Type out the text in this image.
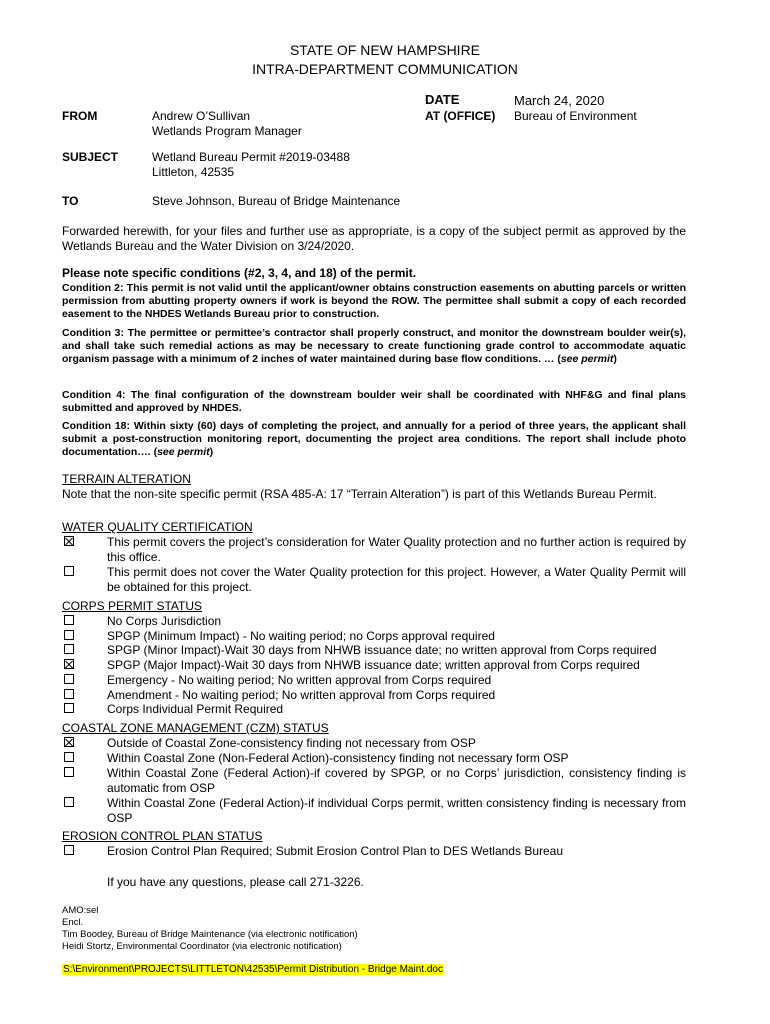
STATE OF NEW HAMPSHIRE
INTRA-DEPARTMENT COMMUNICATION
DATE	March 24, 2020
AT (OFFICE) Bureau of Environment
FROM	Andrew O’Sullivan
Wetlands Program Manager
SUBJECT	Wetland Bureau Permit #2019-03488
Littleton, 42535
TO	Steve Johnson, Bureau of Bridge Maintenance
Forwarded herewith, for your files and further use as appropriate, is a copy of the subject permit as approved by the Wetlands Bureau and the Water Division on 3/24/2020.
Please note specific conditions (#2, 3, 4, and 18) of the permit.
Condition 2: This permit is not valid until the applicant/owner obtains construction easements on abutting parcels or written permission from abutting property owners if work is beyond the ROW. The permittee shall submit a copy of each recorded easement to the NHDES Wetlands Bureau prior to construction.
Condition 3: The permittee or permittee’s contractor shall properly construct, and monitor the downstream boulder weir(s), and shall take such remedial actions as may be necessary to create functioning grade control to accommodate aquatic organism passage with a minimum of 2 inches of water maintained during base flow conditions. … (see permit)
Condition 4: The final configuration of the downstream boulder weir shall be coordinated with NHF&G and final plans submitted and approved by NHDES.
Condition 18: Within sixty (60) days of completing the project, and annually for a period of three years, the applicant shall submit a post-construction monitoring report, documenting the project area conditions. The report shall include photo documentation…. (see permit)
TERRAIN ALTERATION
Note that the non-site specific permit (RSA 485-A: 17 “Terrain Alteration”) is part of this Wetlands Bureau Permit.
WATER QUALITY CERTIFICATION
This permit covers the project’s consideration for Water Quality protection and no further action is required by this office.
This permit does not cover the Water Quality protection for this project. However, a Water Quality Permit will be obtained for this project.
CORPS PERMIT STATUS
No Corps Jurisdiction
SPGP (Minimum Impact) - No waiting period; no Corps approval required
SPGP (Minor Impact)-Wait 30 days from NHWB issuance date; no written approval from Corps required
SPGP (Major Impact)-Wait 30 days from NHWB issuance date; written approval from Corps required
Emergency - No waiting period; No written approval from Corps required
Amendment - No waiting period; No written approval from Corps required
Corps Individual Permit Required
COASTAL ZONE MANAGEMENT (CZM) STATUS
Outside of Coastal Zone-consistency finding not necessary from OSP
Within Coastal Zone (Non-Federal Action)-consistency finding not necessary form OSP
Within Coastal Zone (Federal Action)-if covered by SPGP, or no Corps’ jurisdiction, consistency finding is automatic from OSP
Within Coastal Zone (Federal Action)-if individual Corps permit, written consistency finding is necessary from OSP
EROSION CONTROL PLAN STATUS
Erosion Control Plan Required; Submit Erosion Control Plan to DES Wetlands Bureau
If you have any questions, please call 271-3226.
AMO:sel
Encl.
Tim Boodey, Bureau of Bridge Maintenance (via electronic notification)
Heidi Stortz, Environmental Coordinator (via electronic notification)
S:\Environment\PROJECTS\LITTLETON\42535\Permit Distribution - Bridge Maint.doc
